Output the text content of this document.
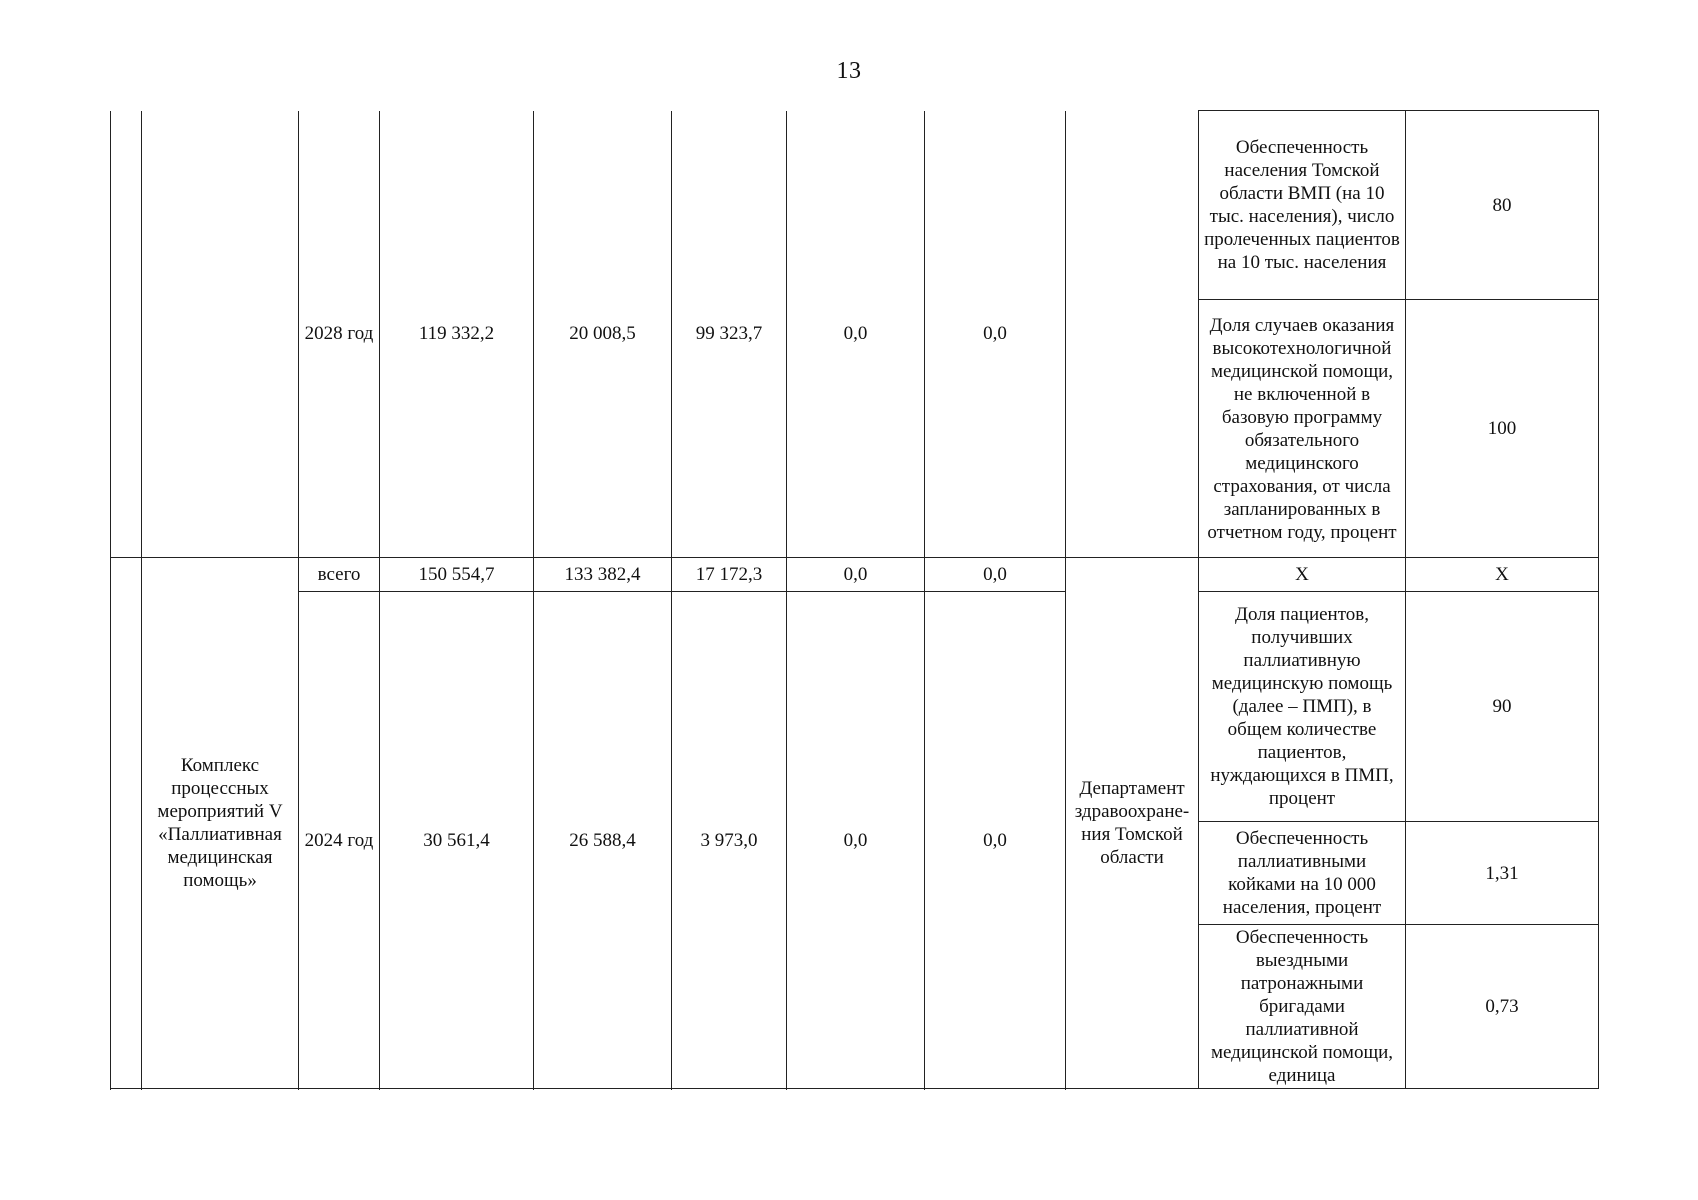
13
		2028 год	119 332,2	20 008,5	99 323,7	0,0	0,0		Обеспеченность населения Томской области ВМП (на 10 тыс. населения), число пролеченных пациентов на 10 тыс. населения	80
									Доля случаев оказания высокотехнологичной медицинской помощи, не включенной в базовую программу обязательного медицинского страхования, от числа запланированных в отчетном году, процент	100
	Комплекс процессных мероприятий V «Паллиативная медицинская помощь»	всего	150 554,7	133 382,4	17 172,3	0,0	0,0	Департамент здравоохране-ния Томской области	X	X
		2024 год	30 561,4	26 588,4	3 973,0	0,0	0,0		Доля пациентов, получивших паллиативную медицинскую помощь (далее – ПМП), в общем количестве пациентов, нуждающихся в ПМП, процент	90
									Обеспеченность паллиативными койками на 10 000 населения, процент	1,31
									Обеспеченность выездными патронажными бригадами паллиативной медицинской помощи, единица	0,73
